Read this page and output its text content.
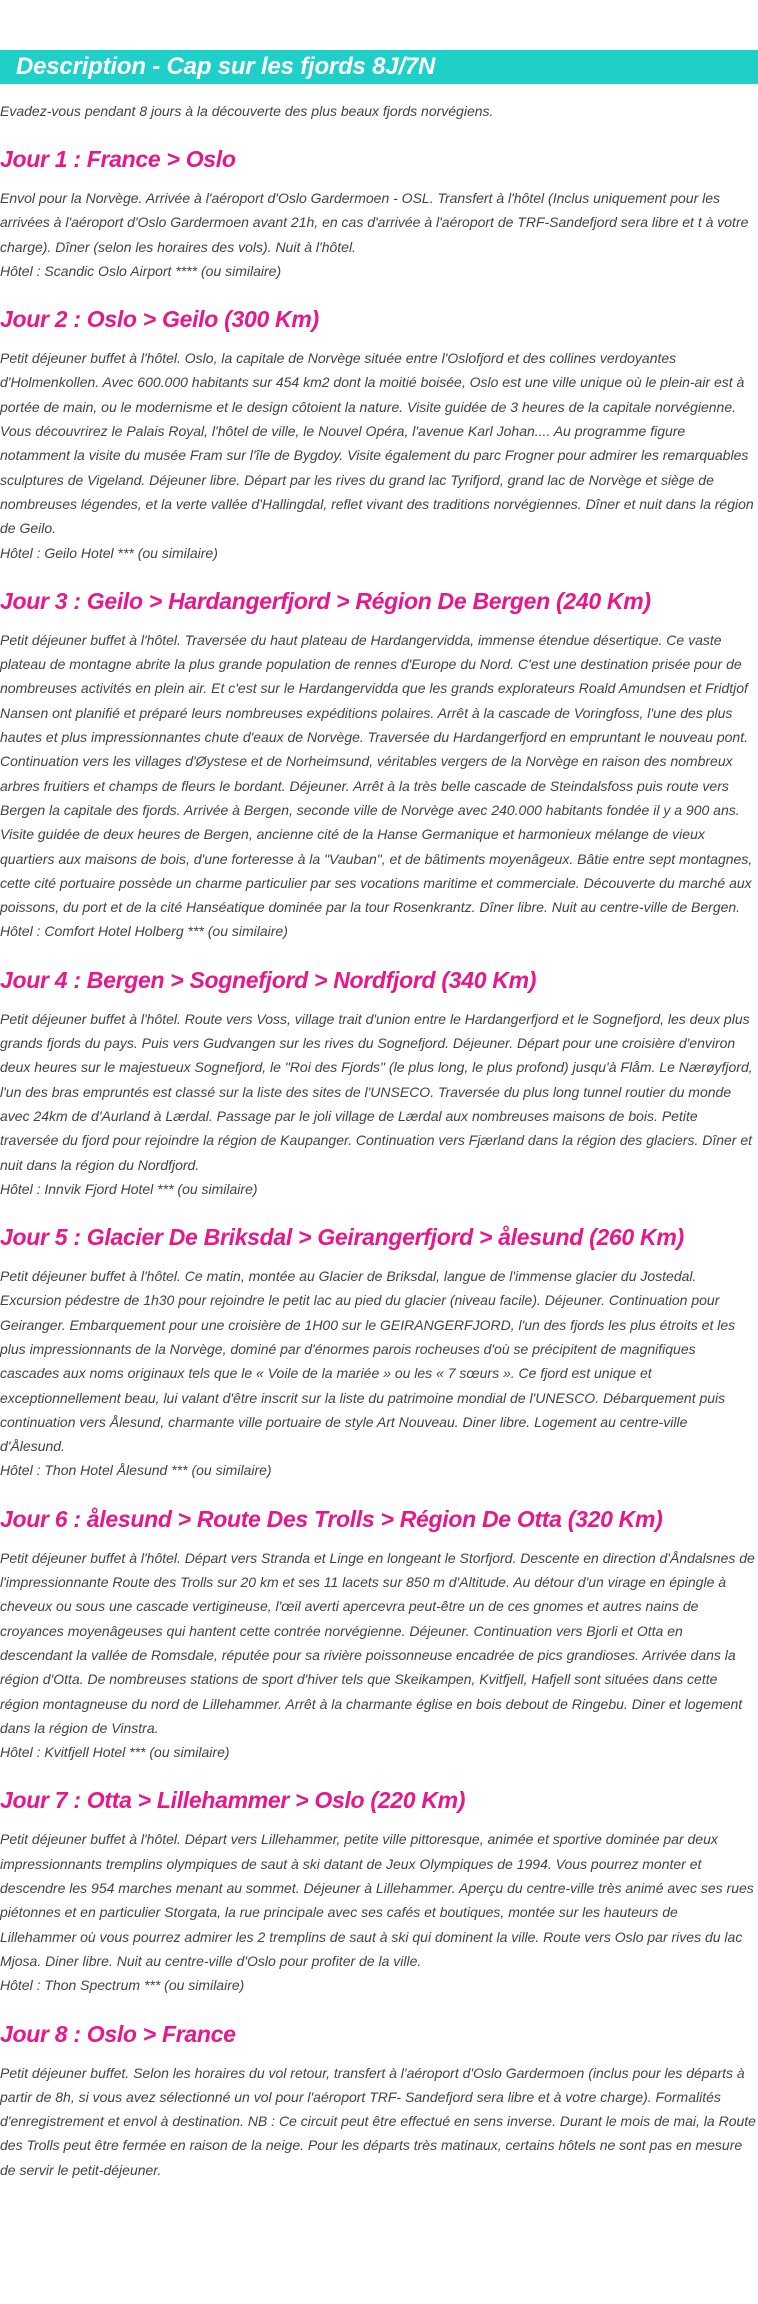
Description - Cap sur les fjords 8J/7N

Evadez-vous pendant 8 jours à la découverte des plus beaux fjords norvégiens.

Jour 1 : France > Oslo

Envol pour la Norvège. Arrivée à l'aéroport d'Oslo Gardermoen - OSL. Transfert à l'hôtel (Inclus uniquement pour les arrivées à l'aéroport d'Oslo Gardermoen avant 21h, en cas d'arrivée à l'aéroport de TRF-Sandefjord sera libre et t à votre charge). Dîner (selon les horaires des vols). Nuit à l'hôtel.

Hôtel : Scandic Oslo Airport **** (ou similaire)

Jour 2 : Oslo > Geilo (300 Km)

Petit déjeuner buffet à l'hôtel. Oslo, la capitale de Norvège située entre l'Oslofjord et des collines verdoyantes d'Holmenkollen. Avec 600.000 habitants sur 454 km2 dont la moitié boisée, Oslo est une ville unique où le plein-air est à portée de main, ou le modernisme et le design côtoient la nature. Visite guidée de 3 heures de la capitale norvégienne. Vous découvrirez le Palais Royal, l'hôtel de ville, le Nouvel Opéra, l'avenue Karl Johan.... Au programme figure notamment la visite du musée Fram sur l'île de Bygdoy. Visite également du parc Frogner pour admirer les remarquables sculptures de Vigeland. Déjeuner libre. Départ par les rives du grand lac Tyrifjord, grand lac de Norvège et siège de nombreuses légendes, et la verte vallée d'Hallingdal, reflet vivant des traditions norvégiennes. Dîner et nuit dans la région de Geilo.

Hôtel : Geilo Hotel *** (ou similaire)

Jour 3 : Geilo > Hardangerfjord > Région De Bergen (240 Km)

Petit déjeuner buffet à l'hôtel. Traversée du haut plateau de Hardangervidda, immense étendue désertique. Ce vaste plateau de montagne abrite la plus grande population de rennes d'Europe du Nord. C'est une destination prisée pour de nombreuses activités en plein air. Et c'est sur le Hardangervidda que les grands explorateurs Roald Amundsen et Fridtjof Nansen ont planifié et préparé leurs nombreuses expéditions polaires. Arrêt à la cascade de Voringfoss, l'une des plus hautes et plus impressionnantes chute d'eaux de Norvège. Traversée du Hardangerfjord en empruntant le nouveau pont. Continuation vers les villages d'Øystese et de Norheimsund, véritables vergers de la Norvège en raison des nombreux arbres fruitiers et champs de fleurs le bordant. Déjeuner. Arrêt à la très belle cascade de Steindalsfoss puis route vers Bergen la capitale des fjords. Arrivée à Bergen, seconde ville de Norvège avec 240.000 habitants fondée il y a 900 ans. Visite guidée de deux heures de Bergen, ancienne cité de la Hanse Germanique et harmonieux mélange de vieux quartiers aux maisons de bois, d'une forteresse à la "Vauban", et de bâtiments moyenâgeux. Bâtie entre sept montagnes, cette cité portuaire possède un charme particulier par ses vocations maritime et commerciale. Découverte du marché aux poissons, du port et de la cité Hanséatique dominée par la tour Rosenkrantz. Dîner libre. Nuit au centre-ville de Bergen.

Hôtel : Comfort Hotel Holberg *** (ou similaire)

Jour 4 : Bergen > Sognefjord > Nordfjord (340 Km)

Petit déjeuner buffet à l'hôtel. Route vers Voss, village trait d'union entre le Hardangerfjord et le Sognefjord, les deux plus grands fjords du pays. Puis vers Gudvangen sur les rives du Sognefjord. Déjeuner. Départ pour une croisière d'environ deux heures sur le majestueux Sognefjord, le "Roi des Fjords" (le plus long, le plus profond) jusqu'à Flåm. Le Nærøyfjord, l'un des bras empruntés est classé sur la liste des sites de l'UNSECO. Traversée du plus long tunnel routier du monde avec 24km de d'Aurland à Lærdal. Passage par le joli village de Lærdal aux nombreuses maisons de bois. Petite traversée du fjord pour rejoindre la région de Kaupanger. Continuation vers Fjærland dans la région des glaciers. Dîner et nuit dans la région du Nordfjord.

Hôtel : Innvik Fjord Hotel *** (ou similaire)

Jour 5 : Glacier De Briksdal > Geirangerfjord > ålesund (260 Km)

Petit déjeuner buffet à l'hôtel. Ce matin, montée au Glacier de Briksdal, langue de l'immense glacier du Jostedal. Excursion pédestre de 1h30 pour rejoindre le petit lac au pied du glacier (niveau facile). Déjeuner. Continuation pour Geiranger. Embarquement pour une croisière de 1H00 sur le GEIRANGERFJORD, l'un des fjords les plus étroits et les plus impressionnants de la Norvège, dominé par d'énormes parois rocheuses d'où se précipitent de magnifiques cascades aux noms originaux tels que le « Voile de la mariée » ou les « 7 sœurs ». Ce fjord est unique et exceptionnellement beau, lui valant d'être inscrit sur la liste du patrimoine mondial de l'UNESCO. Débarquement puis continuation vers Ålesund, charmante ville portuaire de style Art Nouveau. Diner libre. Logement au centre-ville d'Ålesund.

Hôtel : Thon Hotel Ålesund *** (ou similaire)

Jour 6 : ålesund > Route Des Trolls > Région De Otta (320 Km)

Petit déjeuner buffet à l'hôtel. Départ vers Stranda et Linge en longeant le Storfjord. Descente en direction d'Åndalsnes de l'impressionnante Route des Trolls sur 20 km et ses 11 lacets sur 850 m d'Altitude. Au détour d'un virage en épingle à cheveux ou sous une cascade vertigineuse, l'œil averti apercevra peut-être un de ces gnomes et autres nains de croyances moyenâgeuses qui hantent cette contrée norvégienne. Déjeuner. Continuation vers Bjorli et Otta en descendant la vallée de Romsdale, réputée pour sa rivière poissonneuse encadrée de pics grandioses. Arrivée dans la région d'Otta. De nombreuses stations de sport d'hiver tels que Skeikampen, Kvitfjell, Hafjell sont situées dans cette région montagneuse du nord de Lillehammer. Arrêt à la charmante église en bois debout de Ringebu. Diner et logement dans la région de Vinstra.

Hôtel : Kvitfjell Hotel *** (ou similaire)

Jour 7 : Otta > Lillehammer > Oslo (220 Km)

Petit déjeuner buffet à l'hôtel. Départ vers Lillehammer, petite ville pittoresque, animée et sportive dominée par deux impressionnants tremplins olympiques de saut à ski datant de Jeux Olympiques de 1994. Vous pourrez monter et descendre les 954 marches menant au sommet. Déjeuner à Lillehammer. Aperçu du centre-ville très animé avec ses rues piétonnes et en particulier Storgata, la rue principale avec ses cafés et boutiques, montée sur les hauteurs de Lillehammer où vous pourrez admirer les 2 tremplins de saut à ski qui dominent la ville. Route vers Oslo par rives du lac Mjosa. Diner libre. Nuit au centre-ville d'Oslo pour profiter de la ville.

Hôtel : Thon Spectrum *** (ou similaire)

Jour 8 : Oslo > France

Petit déjeuner buffet. Selon les horaires du vol retour, transfert à l'aéroport d'Oslo Gardermoen (inclus pour les départs à partir de 8h, si vous avez sélectionné un vol pour l'aéroport TRF- Sandefjord sera libre et à votre charge). Formalités d'enregistrement et envol à destination. NB : Ce circuit peut être effectué en sens inverse. Durant le mois de mai, la Route des Trolls peut être fermée en raison de la neige. Pour les départs très matinaux, certains hôtels ne sont pas en mesure de servir le petit-déjeuner.
